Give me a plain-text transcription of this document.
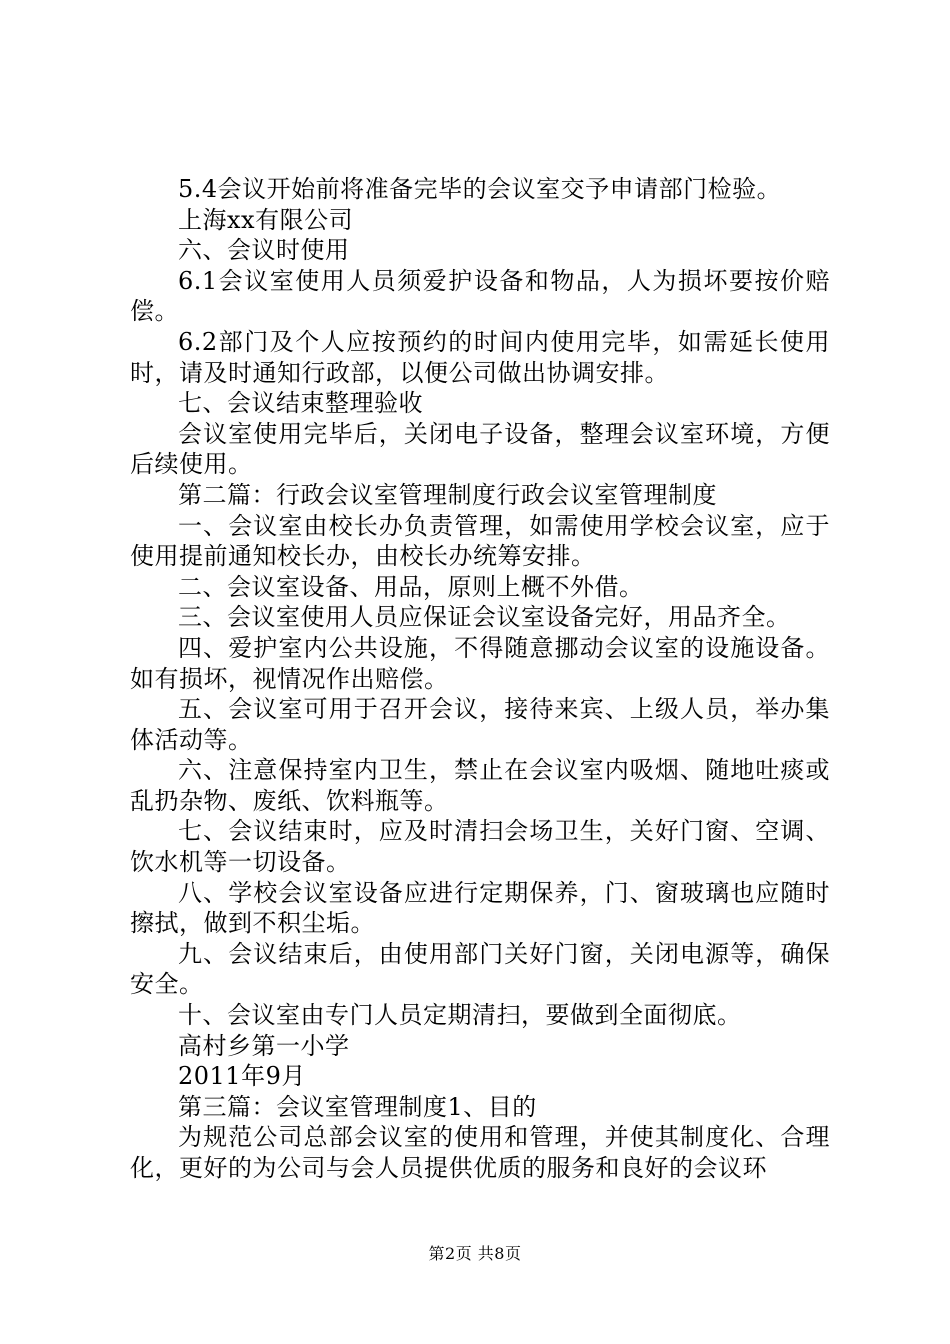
5.4会议开始前将准备完毕的会议室交予申请部门检验。

上海xx有限公司

六、会议时使用

6.1会议室使用人员须爱护设备和物品，人为损坏要按价赔偿。

6.2部门及个人应按预约的时间内使用完毕，如需延长使用时，请及时通知行政部，以便公司做出协调安排。

七、会议结束整理验收

会议室使用完毕后，关闭电子设备，整理会议室环境，方便后续使用。

第二篇：行政会议室管理制度行政会议室管理制度

一、会议室由校长办负责管理，如需使用学校会议室，应于使用提前通知校长办，由校长办统筹安排。

二、会议室设备、用品，原则上概不外借。

三、会议室使用人员应保证会议室设备完好，用品齐全。

四、爱护室内公共设施，不得随意挪动会议室的设施设备。如有损坏，视情况作出赔偿。

五、会议室可用于召开会议，接待来宾、上级人员，举办集体活动等。

六、注意保持室内卫生，禁止在会议室内吸烟、随地吐痰或乱扔杂物、废纸、饮料瓶等。

七、会议结束时，应及时清扫会场卫生，关好门窗、空调、饮水机等一切设备。

八、学校会议室设备应进行定期保养，门、窗玻璃也应随时擦拭，做到不积尘垢。

九、会议结束后，由使用部门关好门窗，关闭电源等，确保安全。

十、会议室由专门人员定期清扫，要做到全面彻底。

高村乡第一小学

2011年9月

第三篇：会议室管理制度1、目的

为规范公司总部会议室的使用和管理，并使其制度化、合理化，更好的为公司与会人员提供优质的服务和良好的会议环

第2页 共8页
